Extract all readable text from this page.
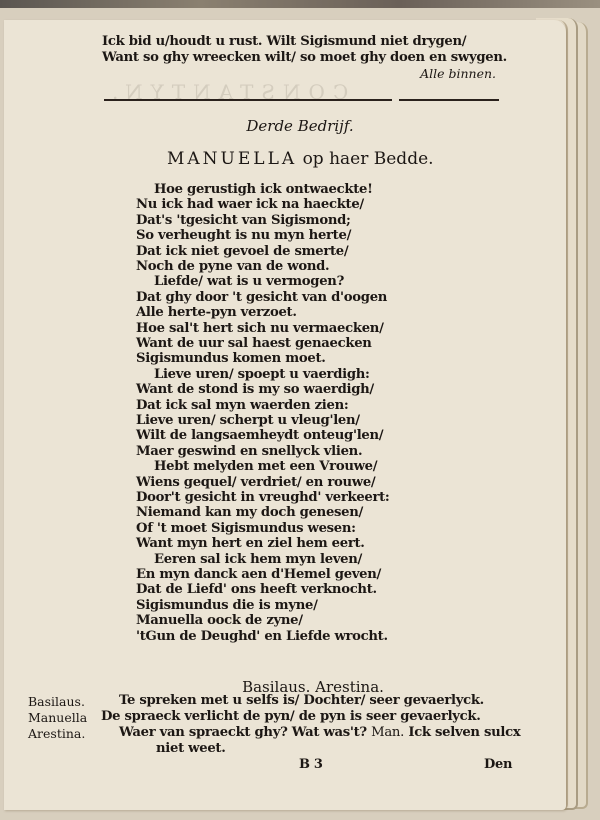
CONSTANTYN.
Ick bid u/houdt u rust. Wilt Sigismund niet drygen/
Want so ghy wreecken wilt/ so moet ghy doen en swygen.
Alle binnen.
Derde Bedrijf.
MANUELLA op haer Bedde.
Hoe gerustigh ick ontwaeckte!
Nu ick had waer ick na haeckte/
Dat's 'tgesicht van Sigismond;
So verheught is nu myn herte/
Dat ick niet gevoel de smerte/
Noch de pyne van de wond.
Liefde/ wat is u vermogen?
Dat ghy door 't gesicht van d'oogen
Alle herte-pyn verzoet.
Hoe sal't hert sich nu vermaecken/
Want de uur sal haest genaecken
Sigismundus komen moet.
Lieve uren/ spoept u vaerdigh:
Want de stond is my so waerdigh/
Dat ick sal myn waerden zien:
Lieve uren/ scherpt u vleug'len/
Wilt de langsaemheydt onteug'len/
Maer geswind en snellyck vlien.
Hebt melyden met een Vrouwe/
Wiens gequel/ verdriet/ en rouwe/
Door't gesicht in vreughd' verkeert:
Niemand kan my doch genesen/
Of 't moet Sigismundus wesen:
Want myn hert en ziel hem eert.
Eeren sal ick hem myn leven/
En myn danck aen d'Hemel geven/
Dat de Liefd' ons heeft verknocht.
Sigismundus die is myne/
Manuella oock de zyne/
'tGun de Deughd' en Liefde wrocht.
Basilaus. Arestina.
Basilaus.	Te spreken met u selfs is/ Dochter/ seer gevaerlyck.
Manuella De spraeck verlicht de pyn/ de pyn is seer gevaerlyck.
Arestina.	Waer van spraeckt ghy? Wat was't? Man. Ick selven sulcx
niet weet.
B 3	Den
